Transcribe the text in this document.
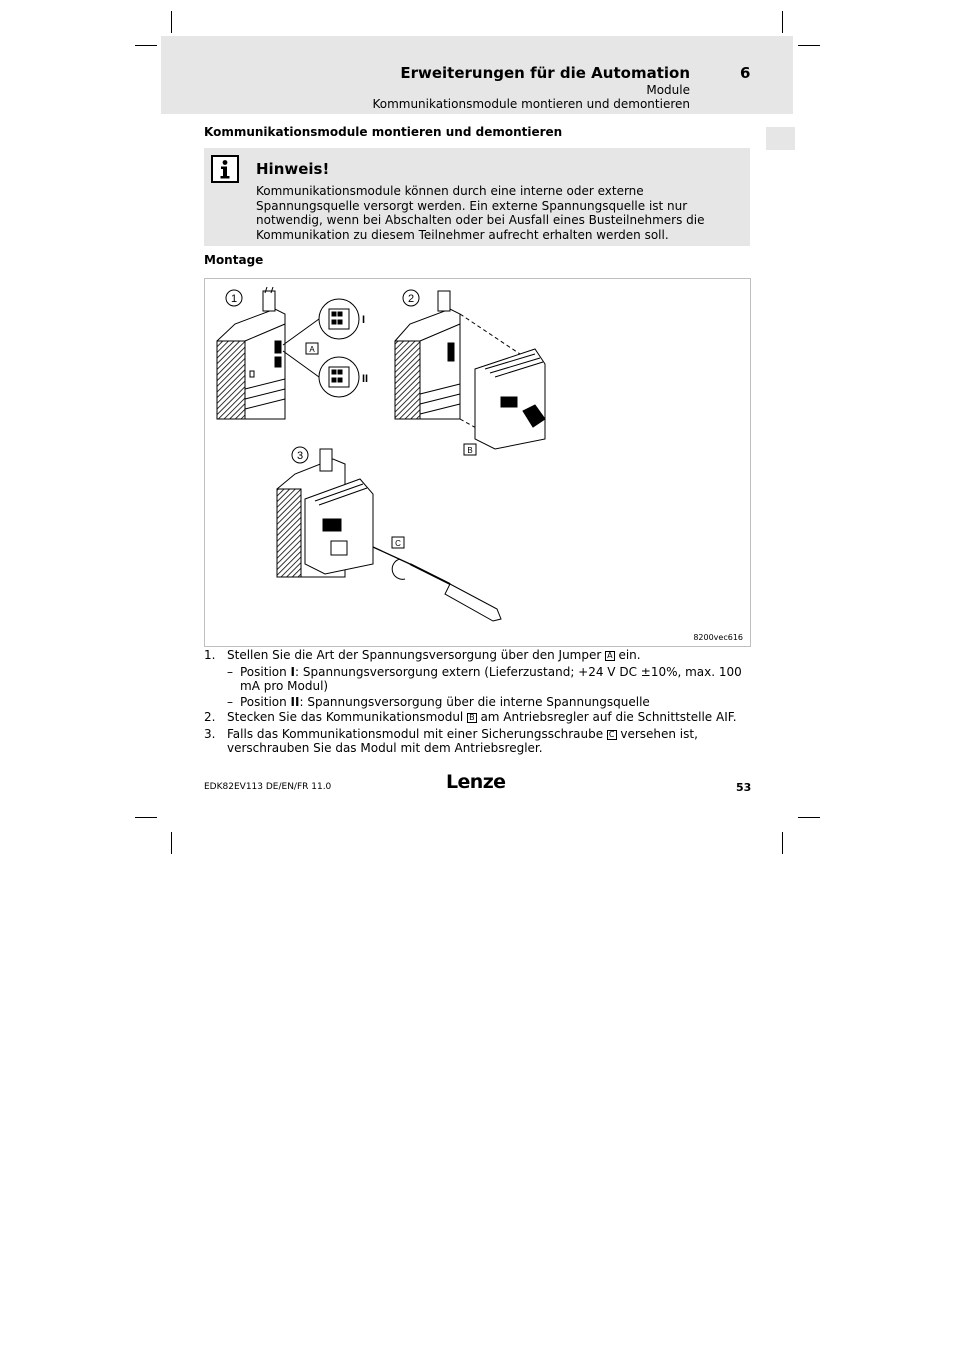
Erweiterungen für die Automation	6
Module
Kommunikationsmodule montieren und demontieren
Kommunikationsmodule montieren und demontieren
Hinweis!
Kommunikationsmodule können durch eine interne oder externe Spannungsquelle versorgt werden. Ein externe Spannungsquelle ist nur notwendig, wenn bei Abschalten oder bei Ausfall eines Busteilnehmers die Kommunikation zu diesem Teilnehmer aufrecht erhalten werden soll.
Montage
1	2
3
I
II
A
B
C
8200vec616
1. Stellen Sie die Art der Spannungsversorgung über den Jumper A ein.
– Position I: Spannungsversorgung extern (Lieferzustand; +24 V DC ±10%, max. 100 mA pro Modul)
– Position II: Spannungsversorgung über die interne Spannungsquelle
2. Stecken Sie das Kommunikationsmodul B am Antriebsregler auf die Schnittstelle AIF.
3. Falls das Kommunikationsmodul mit einer Sicherungsschraube C versehen ist, verschrauben Sie das Modul mit dem Antriebsregler.
EDK82EV113 DE/EN/FR 11.0	Lenze	53
